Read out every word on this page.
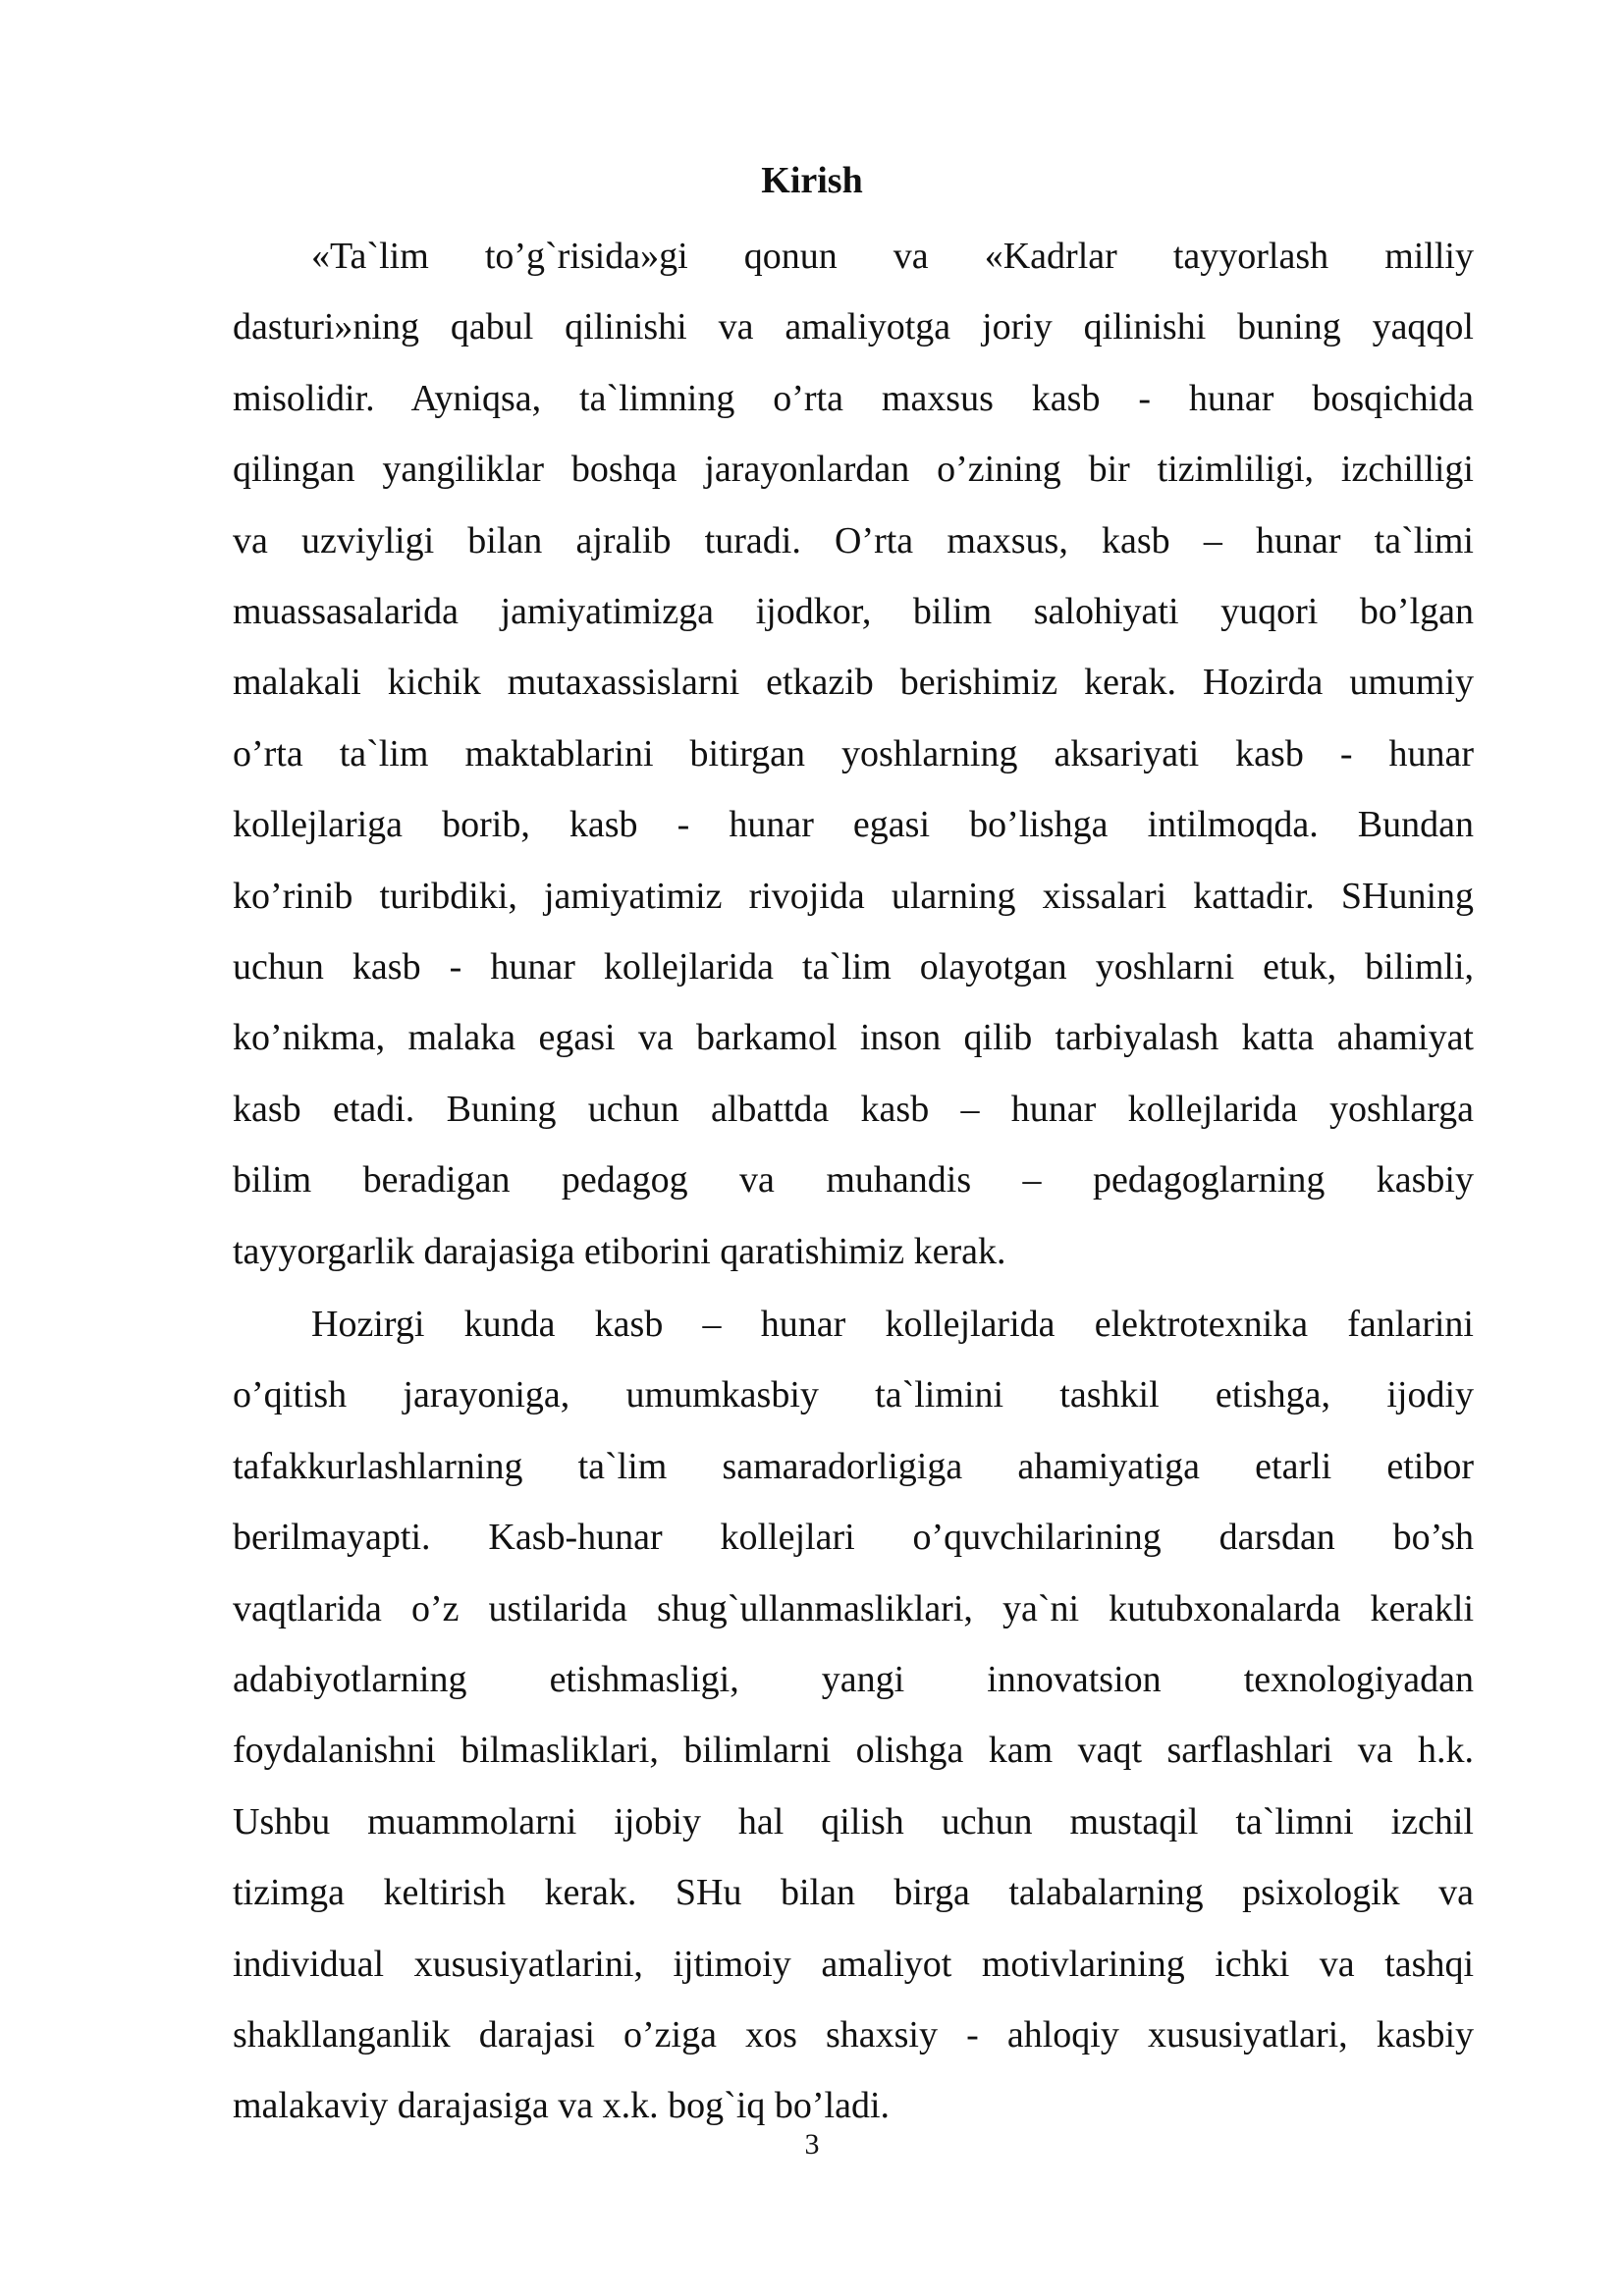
Kirish
«Ta`lim to’g`risida»gi qonun va «Kadrlar tayyorlash milliy
dasturi»ning qabul qilinishi va amaliyotga joriy qilinishi buning yaqqol
misolidir. Ayniqsa, ta`limning o’rta maxsus kasb - hunar bosqichida
qilingan yangiliklar boshqa jarayonlardan o’zining bir tizimliligi, izchilligi
va uzviyligi bilan ajralib turadi. O’rta maxsus, kasb – hunar ta`limi
muassasalarida jamiyatimizga ijodkor, bilim salohiyati yuqori bo’lgan
malakali kichik mutaxassislarni etkazib berishimiz kerak. Hozirda umumiy
o’rta ta`lim maktablarini bitirgan yoshlarning aksariyati kasb - hunar
kollejlariga borib, kasb - hunar egasi bo’lishga intilmoqda. Bundan
ko’rinib turibdiki, jamiyatimiz rivojida ularning xissalari kattadir. SHuning
uchun kasb - hunar kollejlarida ta`lim olayotgan yoshlarni etuk, bilimli,
ko’nikma, malaka egasi va barkamol inson qilib tarbiyalash katta ahamiyat
kasb etadi. Buning uchun albattda kasb – hunar kollejlarida yoshlarga
bilim beradigan pedagog va muhandis – pedagoglarning kasbiy
tayyorgarlik darajasiga etiborini qaratishimiz kerak.
Hozirgi kunda kasb – hunar kollejlarida elektrotexnika fanlarini
o’qitish jarayoniga, umumkasbiy ta`limini tashkil etishga, ijodiy
tafakkurlashlarning ta`lim samaradorligiga ahamiyatiga etarli etibor
berilmayapti. Kasb-hunar kollejlari o’quvchilarining darsdan bo’sh
vaqtlarida o’z ustilarida shug`ullanmasliklari, ya`ni kutubxonalarda kerakli
adabiyotlarning etishmasligi, yangi innovatsion texnologiyadan
foydalanishni bilmasliklari, bilimlarni olishga kam vaqt sarflashlari va h.k.
Ushbu muammolarni ijobiy hal qilish uchun mustaqil ta`limni izchil
tizimga keltirish kerak. SHu bilan birga talabalarning psixologik va
individual xususiyatlarini, ijtimoiy amaliyot motivlarining ichki va tashqi
shakllanganlik darajasi o’ziga xos shaxsiy - ahloqiy xususiyatlari, kasbiy
malakaviy darajasiga va x.k. bog`iq bo’ladi.
3
